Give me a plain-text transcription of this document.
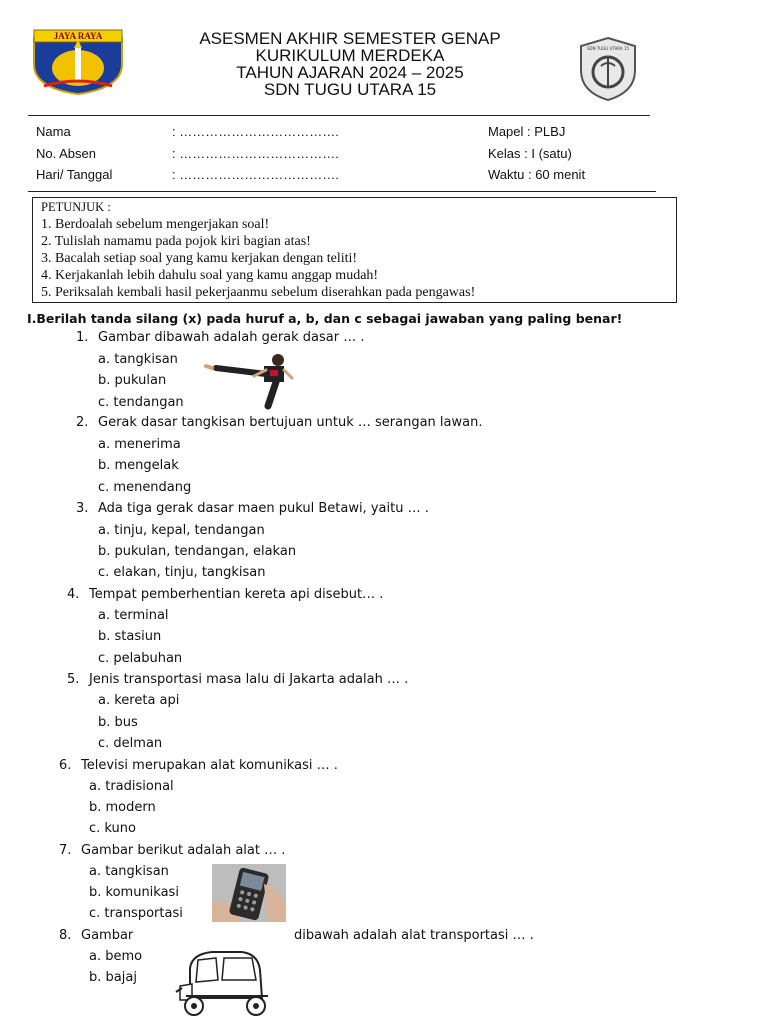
JAYA RAYA	ASESMEN AKHIR SEMESTER GENAP
KURIKULUM MERDEKA
TAHUN AJARAN 2024 – 2025
SDN TUGU UTARA 15
SDN TUGU UTARA 15
Nama	: ……………………………….	Mapel : PLBJ
No. Absen	: ……………………………….	Kelas : I (satu)
Hari/ Tanggal	: ……………………………….	Waktu : 60 menit
PETUNJUK :
1. Berdoalah sebelum mengerjakan soal!
2. Tulislah namamu pada pojok kiri bagian atas!
3. Bacalah setiap soal yang kamu kerjakan dengan teliti!
4. Kerjakanlah lebih dahulu soal yang kamu anggap mudah!
5. Periksalah kembali hasil pekerjaanmu sebelum diserahkan pada pengawas!
I.Berilah tanda silang (x) pada huruf a, b, dan c sebagai jawaban yang paling benar!
1. Gambar dibawah adalah gerak dasar … .
a. tangkisan
b. pukulan
c. tendangan
2. Gerak dasar tangkisan bertujuan untuk … serangan lawan.
a. menerima
b. mengelak
c. menendang
3. Ada tiga gerak dasar maen pukul Betawi, yaitu … .
a. tinju, kepal, tendangan
b. pukulan, tendangan, elakan
c. elakan, tinju, tangkisan
4. Tempat pemberhentian kereta api disebut… .
a. terminal
b. stasiun
c. pelabuhan
5. Jenis transportasi masa lalu di Jakarta adalah … .
a. kereta api
b. bus
c. delman
6. Televisi merupakan alat komunikasi … .
a. tradisional
b. modern
c. kuno
7. Gambar berikut adalah alat … .
a. tangkisan
b. komunikasi
c. transportasi
8. Gambar	dibawah adalah alat transportasi … .
a. bemo
b. bajaj
